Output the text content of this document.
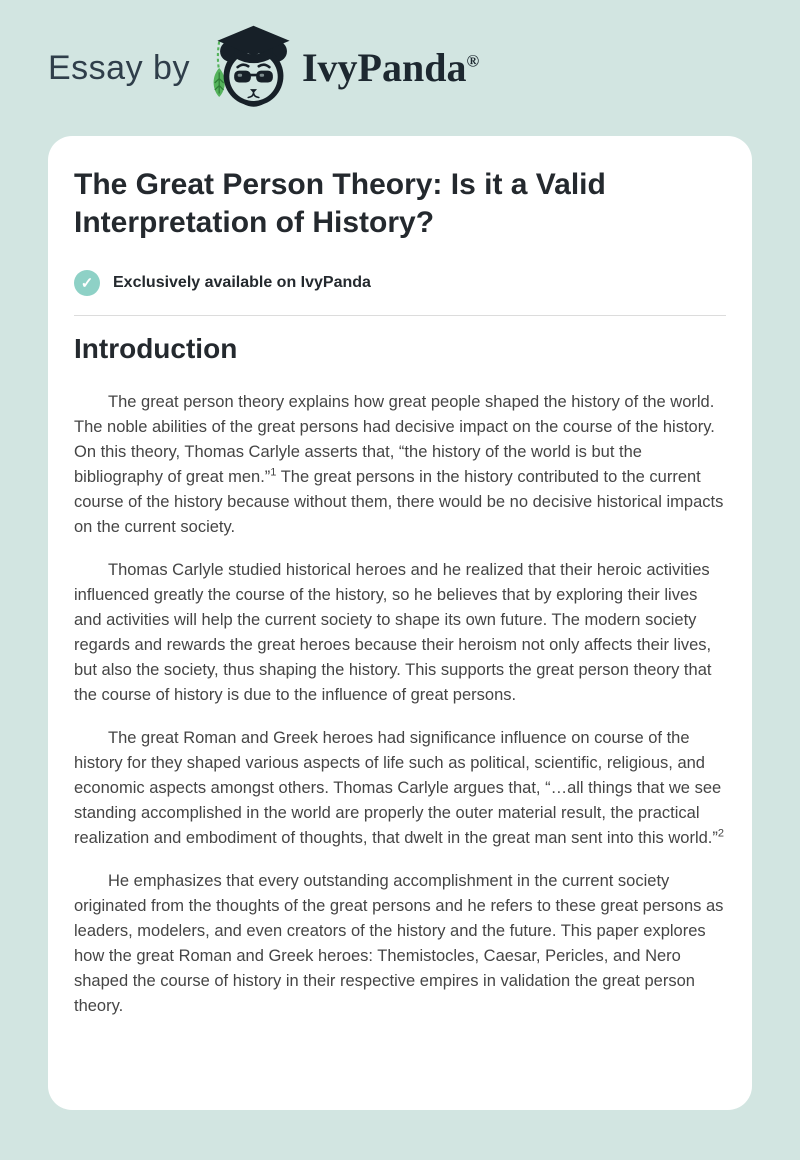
Essay by	IvyPanda®
The Great Person Theory: Is it a Valid Interpretation of History?
✓ Exclusively available on IvyPanda
Introduction

The great person theory explains how great people shaped the history of the world. The noble abilities of the great persons had decisive impact on the course of the history. On this theory, Thomas Carlyle asserts that, “the history of the world is but the bibliography of great men.”$^1$ The great persons in the history contributed to the current course of the history because without them, there would be no decisive historical impacts on the current society.

Thomas Carlyle studied historical heroes and he realized that their heroic activities influenced greatly the course of the history, so he believes that by exploring their lives and activities will help the current society to shape its own future. The modern society regards and rewards the great heroes because their heroism not only affects their lives, but also the society, thus shaping the history. This supports the great person theory that the course of history is due to the influence of great persons.

The great Roman and Greek heroes had significance influence on course of the history for they shaped various aspects of life such as political, scientific, religious, and economic aspects amongst others. Thomas Carlyle argues that, “…all things that we see standing accomplished in the world are properly the outer material result, the practical realization and embodiment of thoughts, that dwelt in the great man sent into this world.”$^2$

He emphasizes that every outstanding accomplishment in the current society originated from the thoughts of the great persons and he refers to these great persons as leaders, modelers, and even creators of the history and the future. This paper explores how the great Roman and Greek heroes: Themistocles, Caesar, Pericles, and Nero shaped the course of history in their respective empires in validation the great person theory.
